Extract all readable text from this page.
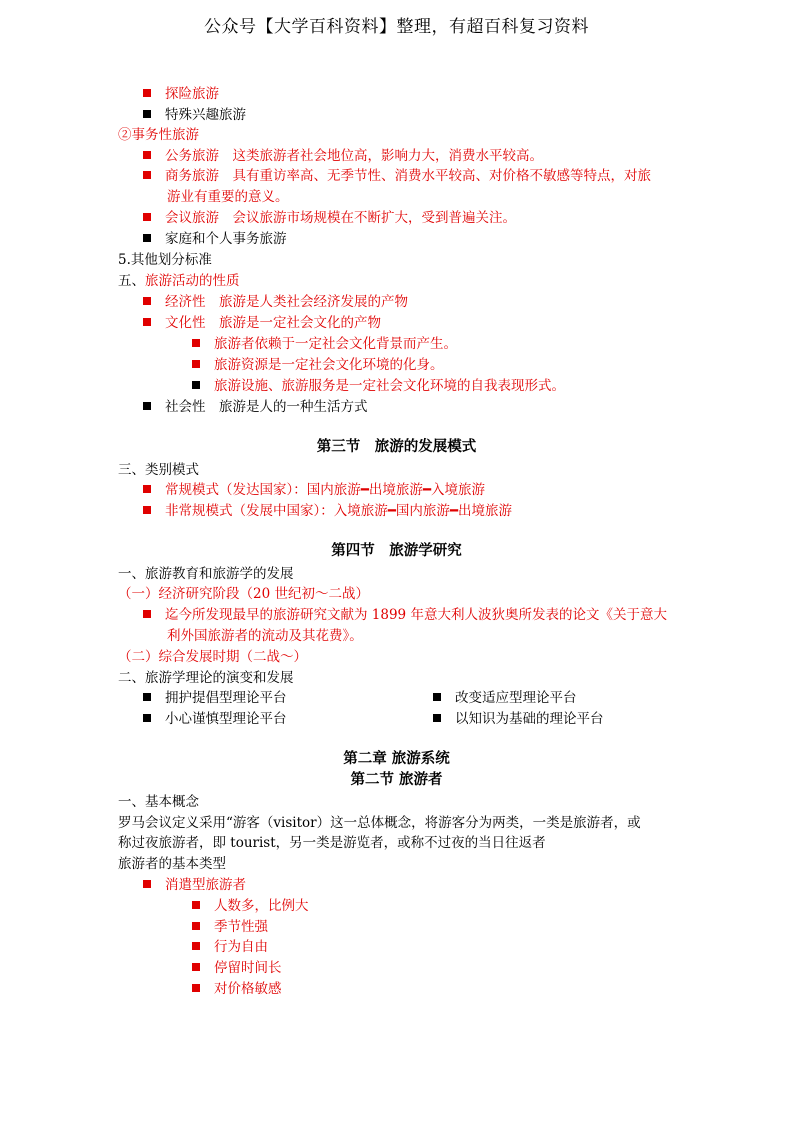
公众号【大学百科资料】整理，有超百科复习资料
探险旅游
特殊兴趣旅游
②事务性旅游
公务旅游　这类旅游者社会地位高，影响力大，消费水平较高。
商务旅游　具有重访率高、无季节性、消费水平较高、对价格不敏感等特点，对旅
游业有重要的意义。
会议旅游　会议旅游市场规模在不断扩大，受到普遍关注。
家庭和个人事务旅游
5.其他划分标准
五、旅游活动的性质
经济性　旅游是人类社会经济发展的产物
文化性　旅游是一定社会文化的产物
旅游者依赖于一定社会文化背景而产生。
旅游资源是一定社会文化环境的化身。
旅游设施、旅游服务是一定社会文化环境的自我表现形式。
社会性　旅游是人的一种生活方式
第三节　旅游的发展模式
三、类别模式
常规模式（发达国家）：国内旅游━出境旅游━入境旅游
非常规模式（发展中国家）：入境旅游━国内旅游━出境旅游
第四节　旅游学研究
一、旅游教育和旅游学的发展
（一）经济研究阶段（20 世纪初～二战）
迄今所发现最早的旅游研究文献为 1899 年意大利人波狄奥所发表的论文《关于意大
利外国旅游者的流动及其花费》。
（二）综合发展时期（二战～）
二、旅游学理论的演变和发展
拥护提倡型理论平台	改变适应型理论平台
小心谨慎型理论平台	以知识为基础的理论平台
第二章 旅游系统
第二节 旅游者
一、基本概念
罗马会议定义采用“游客（visitor）这一总体概念，将游客分为两类，一类是旅游者，或
称过夜旅游者，即 tourist，另一类是游览者，或称不过夜的当日往返者
旅游者的基本类型
消遣型旅游者
人数多，比例大
季节性强
行为自由
停留时间长
对价格敏感
